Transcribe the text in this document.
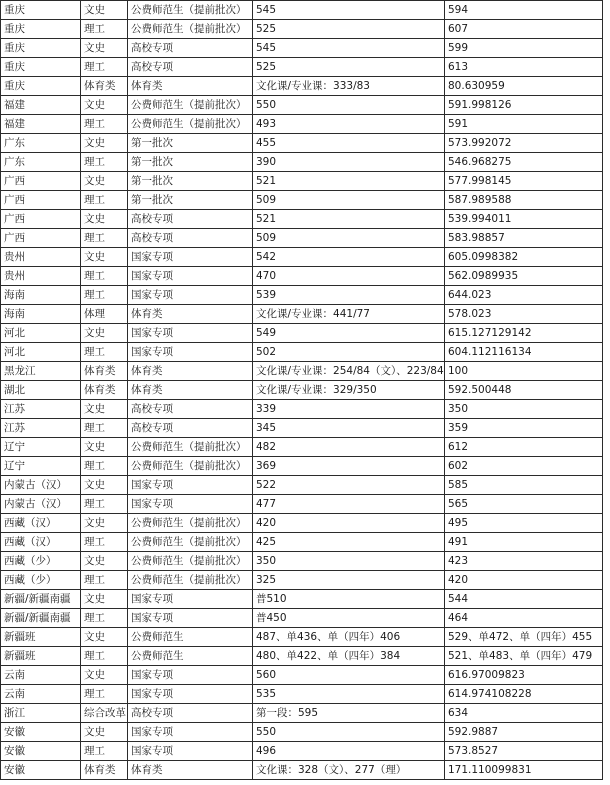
重庆	文史	公费师范生（提前批次）	545	594
重庆	理工	公费师范生（提前批次）	525	607
重庆	文史	高校专项	545	599
重庆	理工	高校专项	525	613
重庆	体育类	体育类	文化课/专业课：333/83	80.630959
福建	文史	公费师范生（提前批次）	550	591.998126
福建	理工	公费师范生（提前批次）	493	591
广东	文史	第一批次	455	573.992072
广东	理工	第一批次	390	546.968275
广西	文史	第一批次	521	577.998145
广西	理工	第一批次	509	587.989588
广西	文史	高校专项	521	539.994011
广西	理工	高校专项	509	583.98857
贵州	文史	国家专项	542	605.0998382
贵州	理工	国家专项	470	562.0989935
海南	理工	国家专项	539	644.023
海南	体理	体育类	文化课/专业课：441/77	578.023
河北	文史	国家专项	549	615.127129142
河北	理工	国家专项	502	604.112116134
黑龙江	体育类	体育类	文化课/专业课：254/84（文）、223/84	100
湖北	体育类	体育类	文化课/专业课：329/350	592.500448
江苏	文史	高校专项	339	350
江苏	理工	高校专项	345	359
辽宁	文史	公费师范生（提前批次）	482	612
辽宁	理工	公费师范生（提前批次）	369	602
内蒙古（汉）	文史	国家专项	522	585
内蒙古（汉）	理工	国家专项	477	565
西藏（汉）	文史	公费师范生（提前批次）	420	495
西藏（汉）	理工	公费师范生（提前批次）	425	491
西藏（少）	文史	公费师范生（提前批次）	350	423
西藏（少）	理工	公费师范生（提前批次）	325	420
新疆/新疆南疆	文史	国家专项	普510	544
新疆/新疆南疆	理工	国家专项	普450	464
新疆班	文史	公费师范生	487、单436、单（四年）406	529、单472、单（四年）455
新疆班	理工	公费师范生	480、单422、单（四年）384	521、单483、单（四年）479
云南	文史	国家专项	560	616.97009823
云南	理工	国家专项	535	614.974108228
浙江	综合改革	高校专项	第一段：595	634
安徽	文史	国家专项	550	592.9887
安徽	理工	国家专项	496	573.8527
安徽	体育类	体育类	文化课：328（文）、277（理）	171.110099831
